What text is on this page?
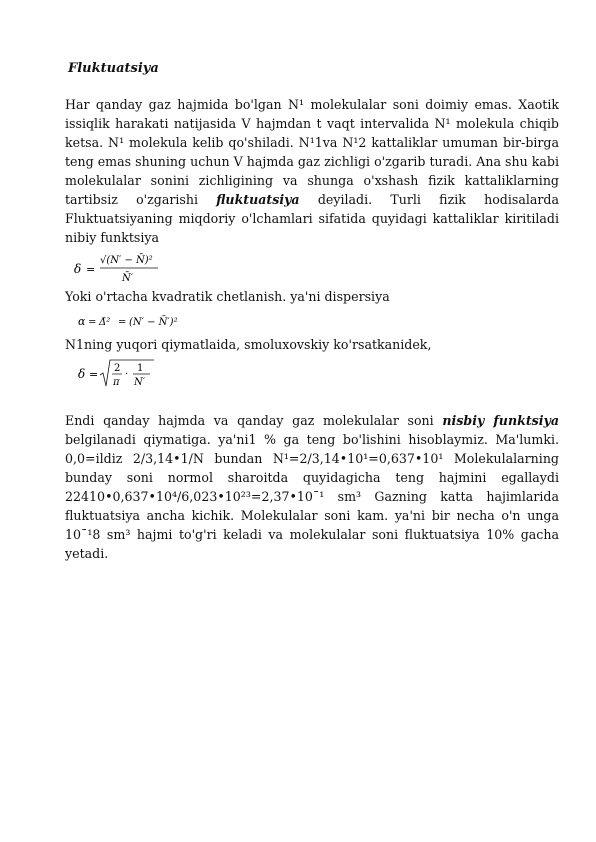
Fluktuatsiya

Har qanday gaz hajmida bo'lgan N¹ molekulalar soni doimiy emas. Xaotik issiqlik harakati natijasida V hajmdan t vaqt intervalida N¹ molekula chiqib ketsa. N¹ molekula kelib qo'shiladi. N¹1va N¹2 kattaliklar umuman bir-birga teng emas shuning uchun V hajmda gaz zichligi o'zgarib turadi. Ana shu kabi molekulalar sonini zichligining va shunga o'xshash fizik kattaliklarning tartibsiz o'zgarishi fluktuatsiya deyiladi. Turli fizik hodisalarda Fluktuatsiyaning miqdoriy o'lchamlari sifatida quyidagi kattaliklar kiritiladi nibiy funktsiya

δ =
√(N′ − N̄)²
N̄′

Yoki o'rtacha kvadratik chetlanish. ya'ni dispersiya

α = Δ̄² = (N′ − N̄′)²

N1ning yuqori qiymatlaida, smoluxovskiy ko'rsatkanidek,

δ = 2
π
·
1
N′

Endi qanday hajmda va qanday gaz molekulalar soni nisbiy funktsiya belgilanadi qiymatiga. ya'ni1 % ga teng bo'lishini hisoblaymiz. Ma'lumki. 0,0=ildiz 2/3,14•1/N bundan N¹=2/3,14•10¹=0,637•10¹ Molekulalarning bunday soni normol sharoitda quyidagicha teng hajmini egallaydi 22410•0,637•10⁴/6,023•10²³=2,37•10¯¹ sm³ Gazning katta hajimlarida fluktuatsiya ancha kichik. Molekulalar soni kam. ya'ni bir necha o'n unga 10¯¹8 sm³ hajmi to'g'ri keladi va molekulalar soni fluktuatsiya 10% gacha yetadi.
